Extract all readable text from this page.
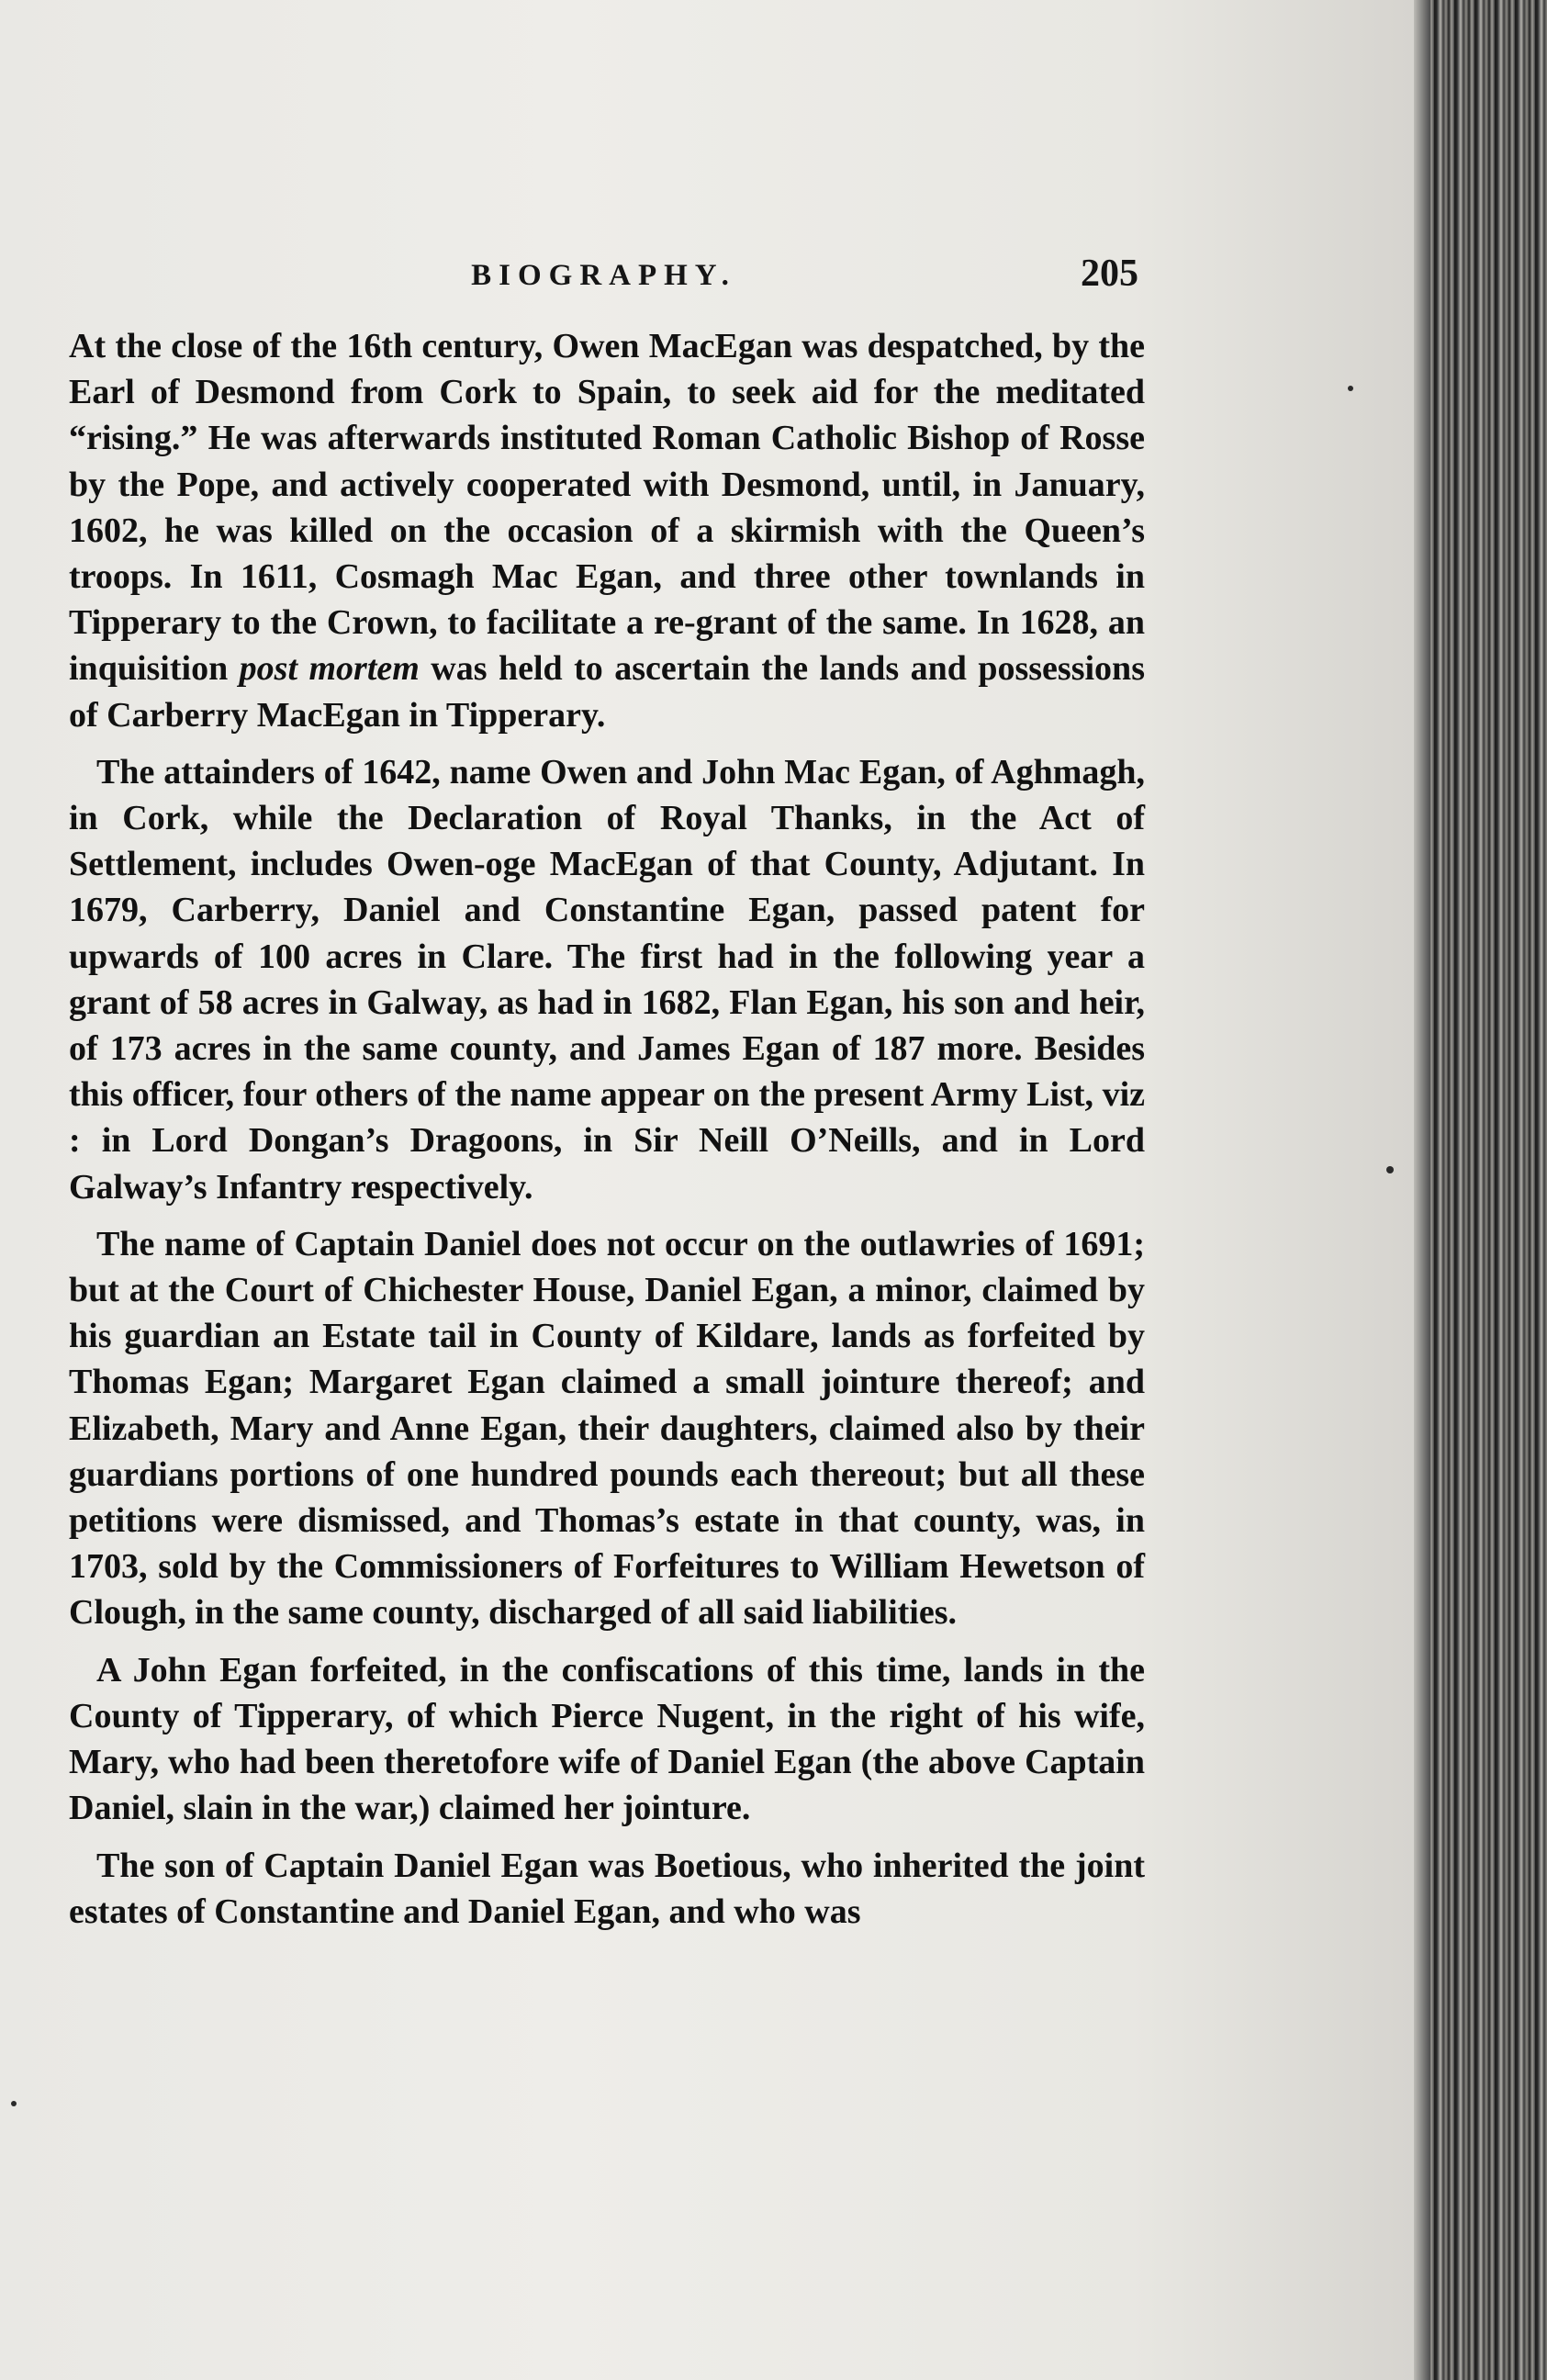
BIOGRAPHY.	205

At the close of the 16th century, Owen MacEgan was despatched, by the Earl of Desmond from Cork to Spain, to seek aid for the meditated “rising.” He was afterwards instituted Roman Catholic Bishop of Rosse by the Pope, and actively cooperated with Desmond, until, in January, 1602, he was killed on the occasion of a skirmish with the Queen’s troops. In 1611, Cosmagh Mac Egan, and three other townlands in Tipperary to the Crown, to facilitate a re-grant of the same. In 1628, an inquisition post mortem was held to ascertain the lands and possessions of Carberry MacEgan in Tipperary.

The attainders of 1642, name Owen and John Mac Egan, of Aghmagh, in Cork, while the Declaration of Royal Thanks, in the Act of Settlement, includes Owen-oge MacEgan of that County, Adjutant. In 1679, Carberry, Daniel and Constantine Egan, passed patent for upwards of 100 acres in Clare. The first had in the following year a grant of 58 acres in Galway, as had in 1682, Flan Egan, his son and heir, of 173 acres in the same county, and James Egan of 187 more. Besides this officer, four others of the name appear on the present Army List, viz : in Lord Dongan’s Dragoons, in Sir Neill O’Neills, and in Lord Galway’s Infantry respectively.

The name of Captain Daniel does not occur on the outlawries of 1691; but at the Court of Chichester House, Daniel Egan, a minor, claimed by his guardian an Estate tail in County of Kildare, lands as forfeited by Thomas Egan; Margaret Egan claimed a small jointure thereof; and Elizabeth, Mary and Anne Egan, their daughters, claimed also by their guardians portions of one hundred pounds each thereout; but all these petitions were dismissed, and Thomas’s estate in that county, was, in 1703, sold by the Commissioners of Forfeitures to William Hewetson of Clough, in the same county, discharged of all said liabilities.

A John Egan forfeited, in the confiscations of this time, lands in the County of Tipperary, of which Pierce Nugent, in the right of his wife, Mary, who had been theretofore wife of Daniel Egan (the above Captain Daniel, slain in the war,) claimed her jointure.

The son of Captain Daniel Egan was Boetious, who inherited the joint estates of Constantine and Daniel Egan, and who was
